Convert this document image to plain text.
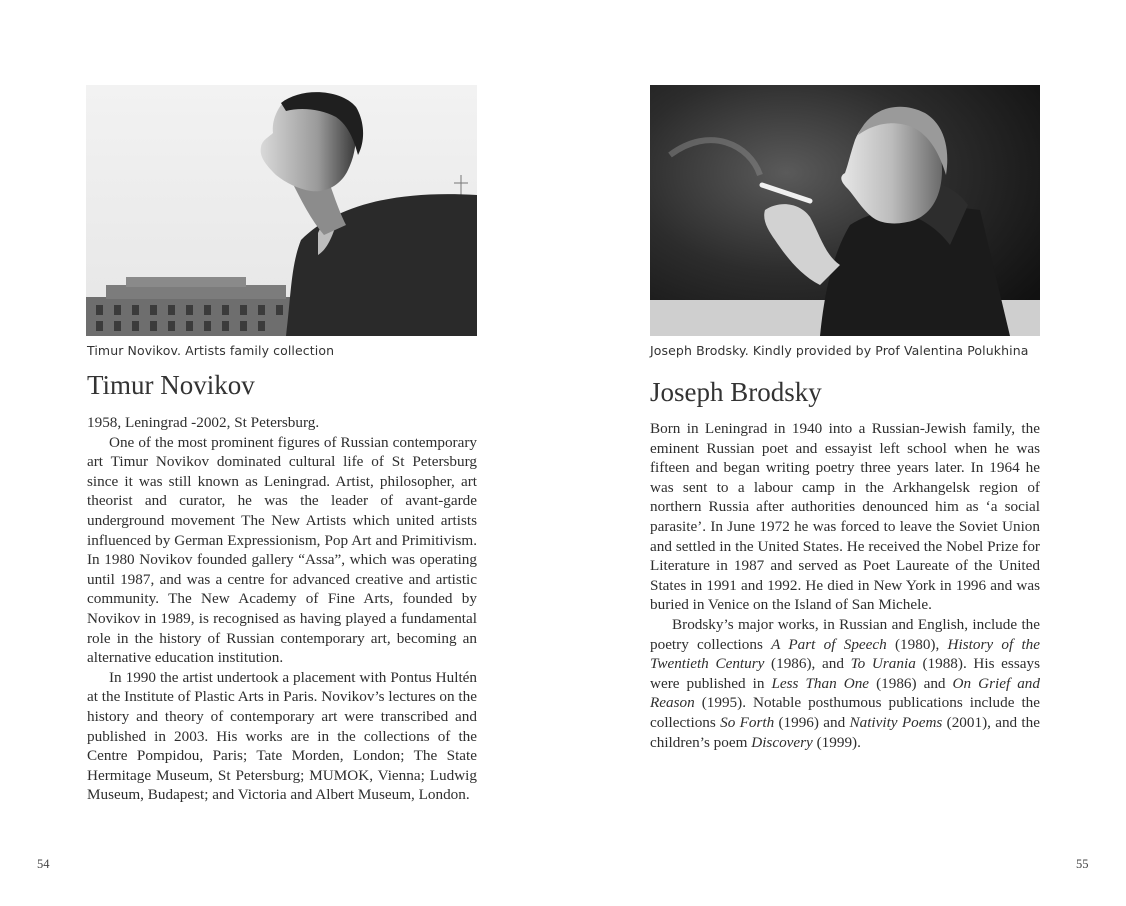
Timur Novikov. Artists family collection
Timur Novikov

1958, Leningrad -2002, St Petersburg.

One of the most prominent figures of Russian contemporary art Timur Novikov dominated cultural life of St Petersburg since it was still known as Leningrad. Artist, philosopher, art theorist and curator, he was the leader of avant-garde underground movement The New Artists which united artists influenced by German Expressionism, Pop Art and Primitivism. In 1980 Novikov founded gallery “Assa”, which was operating until 1987, and was a centre for advanced creative and artistic community. The New Academy of Fine Arts, founded by Novikov in 1989, is recognised as having played a fundamental role in the history of Russian contemporary art, becoming an alternative education institution.

In 1990 the artist undertook a placement with Pontus Hultén at the Institute of Plastic Arts in Paris. Novikov’s lectures on the history and theory of contemporary art were transcribed and published in 2003. His works are in the collections of the Centre Pompidou, Paris; Tate Morden, London; The State Hermitage Museum, St Petersburg; MUMOK, Vienna; Ludwig Museum, Budapest; and Victoria and Albert Museum, London.

54
Joseph Brodsky. Kindly provided by Prof Valentina Polukhina
Joseph Brodsky

Born in Leningrad in 1940 into a Russian-Jewish family, the eminent Russian poet and essayist left school when he was fifteen and began writing poetry three years later. In 1964 he was sent to a labour camp in the Arkhangelsk region of northern Russia after authorities denounced him as ‘a social parasite’. In June 1972 he was forced to leave the Soviet Union and settled in the United States. He received the Nobel Prize for Literature in 1987 and served as Poet Laureate of the United States in 1991 and 1992. He died in New York in 1996 and was buried in Venice on the Island of San Michele.

Brodsky’s major works, in Russian and English, include the poetry collections A Part of Speech (1980), History of the Twentieth Century (1986), and To Urania (1988). His essays were published in Less Than One (1986) and On Grief and Reason (1995). Notable posthumous publications include the collections So Forth (1996) and Nativity Poems (2001), and the children’s poem Discovery (1999).

55
